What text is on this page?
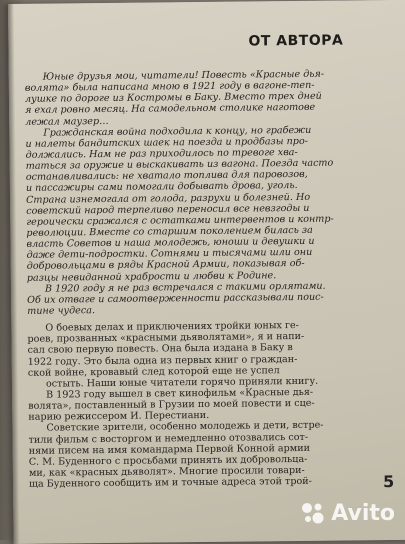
ОТ АВТОРА
Юные друзья мои, читатели! Повесть «Красные дья-
волята» была написана мною в 1921 году в вагоне-теп-
лушке по дороге из Костромы в Баку. Вместо трех дней
я ехал ровно месяц. На самодельном столике наготове
лежал маузер…
Гражданская война подходила к концу, но грабежи
и налеты бандитских шаек на поезда и продбазы про-
должались. Нам не раз приходилось по тревоге хва-
таться за оружие и выскакивать из вагона. Поезда часто
останавливались: не хватало топлива для паровозов,
и пассажиры сами помогали добывать дрова, уголь.
Страна изнемогала от голода, разрухи и болезней. Но
советский народ терпеливо переносил все невзгоды и
героически сражался с остатками интервентов и контр-
революции. Вместе со старшим поколением билась за
власть Советов и наша молодежь, юноши и девушки и
даже дети-подростки. Сотнями и тысячами шли они
добровольцами в ряды Красной Армии, показывая об-
разцы невиданной храбрости и любви к Родине.
В 1920 году я не раз встречался с такими орлятами.
Об их отваге и самоотверженности рассказывали поис-
тине чудеса.
О боевых делах и приключениях тройки юных ге-
роев, прозванных «красными дьяволятами», я и напи-
сал свою первую повесть. Она была издана в Баку в
1922 году. Это была одна из первых книг о граждан-
ской войне, кровавый след которой еще не успел
остыть. Наши юные читатели горячо приняли книгу.
В 1923 году вышел в свет кинофильм «Красные дья-
волята», поставленный в Грузии по моей повести и сце-
нарию режиссером И. Перестиани.
Советские зрители, особенно молодежь и дети, встре-
тили фильм с восторгом и немедленно отозвались сот-
нями писем на имя командарма Первой Конной армии
С. М. Буденного с просьбами принять их добровольца-
ми, как «красных дьяволят». Многие просили товари-
ща Буденного сообщить им и точные адреса этой трой-	5
Avito
